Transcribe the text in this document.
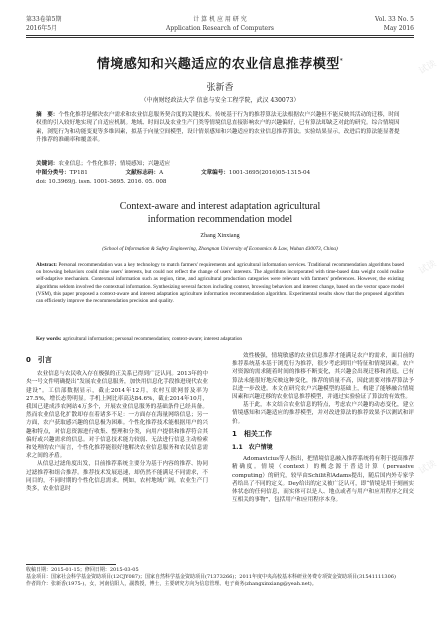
第33卷第5期	计 算 机 应 用 研 究	Vol. 33 No. 5
2016年5月	Application Research of Computers	May 2016
情境感知和兴趣适应的农业信息推荐模型*
张新香
（中南财经政法大学 信息与安全工程学院，武汉 430073）
摘　要：个性化推荐是解决农户需求和农业信息服务契合度的关键技术。传统基于行为的推荐算法无法根据农户兴趣但不能反映其活动的迁移，时间权重的引入较好地实现了自适应机制。地域、时间以及农业生产门类等情境信息直接影响农户的兴趣偏好，已有算法却缺乏对此的研究。综合情境因素，浏览行为和功能变更等多维因素，拟基于向量空间模型，设计情景感知和兴趣适应的农业信息推荐算法。实验结果显示，改进后的算法能显著提升推荐的准确率和覆盖率。
关键词：农业信息；个性化推荐；情境感知；兴趣适应
中图分类号：TP181	文献标志码：A	文章编号：1001-3695(2016)05-1315-04
doi: 10.3969/j. issn. 1001-3695. 2016. 05. 008
Context-aware and interest adaptation agricultural
information recommendation model
Zhang Xinxiang
(School of Information & Safety Engineering, Zhongnan University of Economics & Law, Wuhan 430073, China)
Abstract: Personal recommendation was a key technology to match farmers' requirements and agricultural information services. Traditional recommendation algorithms based on browsing behaviors could mine users' interests, but could not reflect the change of users' interests. The algorithms incorporated with time-based data weight could realize self-adaptive mechanism. Contextual information such as region, time, and agricultural production categories were relevant with farmers' preferences. However, the existing algorithms seldom involved the contextual information. Synthesizing several factors including context, browsing behaviors and interest change, based on the vector space model (VSM), this paper proposed a context-aware and interest adaptation agriculture information recommendation algorithm. Experimental results show that the proposed algorithm can efficiently improve the recommendation precision and quality.
Key words: agricultural information; personal recommendation; context-aware; interest adaptation
0　引言

农业信息与农民收入存在极强的正关系已得到广泛认同。2013年的中央一号文件明确提出“发展农业信息服务，加快用信息化手段推进现代农业建设”。工信部数据显示，截止2014年12月，农村互联网普及率为27.5%，增长态势明显。手机上网比率高达84.6%，截止2014年10月，我国已建成涉农网站4万多个，开展农业信息服务的基础条件已经具备。然而农业信息化扩散却存在着诸多不足：一方面存在海量网络信息；另一方面，农户获取感兴趣的信息极为困难。个性化推荐技术能根据用户的兴趣和特点，对信息资源进行收集、整理和分类，向用户提供和推荐符合其偏好或兴趣需求的信息。对于信息技术能力较弱、无法进行信息主动检索和处理的农户而言，个性化推荐能很好地解决农业信息服务和农民信息需求之间的矛盾。

从信息过滤角度出发，目前推荐系统主要分为基于内容的推荐、协同过滤推荐和组合推荐。推荐技术发展迅速，却仍然不能满足不同需求，不同目的，不同时期的个性化信息需求。例如，农村地域广阔，农业生产门类多，农业信息时

效性极强，情境敏感的农业信息推荐才能满足农户的需求，面目前的推荐系统基本基于浏览行为推荐，很少考虑到用户特征和情境因素。农户对资源的需求随着时间的推移不断变化，其兴趣会出现迁移和消退，已有算法未能很好地反映这种变化，推荐的质量不高，因此需要对推荐算法予以进一步改进。本文在研究农户兴趣模型的基础上，构建了能够融合情境因素和兴趣迁移的农业信息推荐模型，并通过实验验证了算法的有效性。

基于此，本文结合农业信息的特点，考虑农户兴趣的动态变化，建立情境感知和兴趣适应的推荐模型，并对改进算法的推荐效果予以测试和评价。

1　相关工作
1.1　农户情境

Adomavicius等人指出，把情境信息融入推荐系统将有利于提高推荐精确度。情境（context）的概念源于普适计算（pervasive computing）的研究，较早由Schilit和Adams提出，随后国内外专家学者给出了不同的定义。Dey给出的定义被广泛认可，即“情境是用于刻画实体状态的任何信息，而实体可以是人、地点或者与用户和应用程序之间交互相关的事物”，包括用户和应用程序本身。

收稿日期：2015-01-15；修回日期：2015-03-05
基金项目：国家社会科学基金资助项目(12CJY087)；国家自然科学基金资助项目(71373266)；2011年度中央高校基本科研业务费专项资金资助项目(31541111306)
作者简介：张新香(1975-)，女，河南信阳人，副教授，博士，主要研究方向为信息管理、电子商务(zhangxinxiang@yeah.net)。
试读
试读
试读
